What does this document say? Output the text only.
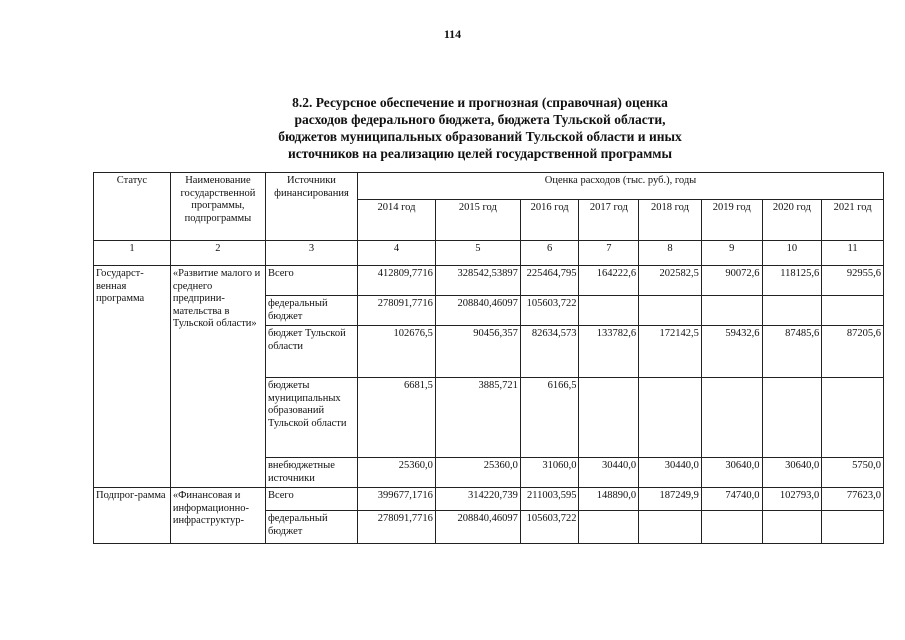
114
8.2. Ресурсное обеспечение и прогнозная (справочная) оценка
расходов федерального бюджета, бюджета Тульской области,
бюджетов муниципальных образований Тульской области и иных
источников на реализацию целей государственной программы
Статус	Наименование государственной программы, подпрограммы	Источники финансирования	Оценка расходов (тыс. руб.), годы							
			2014 год	2015 год	2016 год	2017 год	2018 год	2019 год	2020 год	2021 год
1	2	3	4	5	6	7	8	9	10	11
Государст-венная программа	«Развитие малого и среднего предприни-мательства в Тульской области»	Всего	412809,7716	328542,53897	225464,795	164222,6	202582,5	90072,6	118125,6	92955,6
		федеральный бюджет	278091,7716	208840,46097	105603,722					
		бюджет Тульской области	102676,5	90456,357	82634,573	133782,6	172142,5	59432,6	87485,6	87205,6
		бюджеты муниципальных образований Тульской области	6681,5	3885,721	6166,5					
		внебюджетные источники	25360,0	25360,0	31060,0	30440,0	30440,0	30640,0	30640,0	5750,0
Подпрог-рамма	«Финансовая и информационно-инфраструктур-	Всего	399677,1716	314220,739	211003,595	148890,0	187249,9	74740,0	102793,0	77623,0
		федеральный бюджет	278091,7716	208840,46097	105603,722					
